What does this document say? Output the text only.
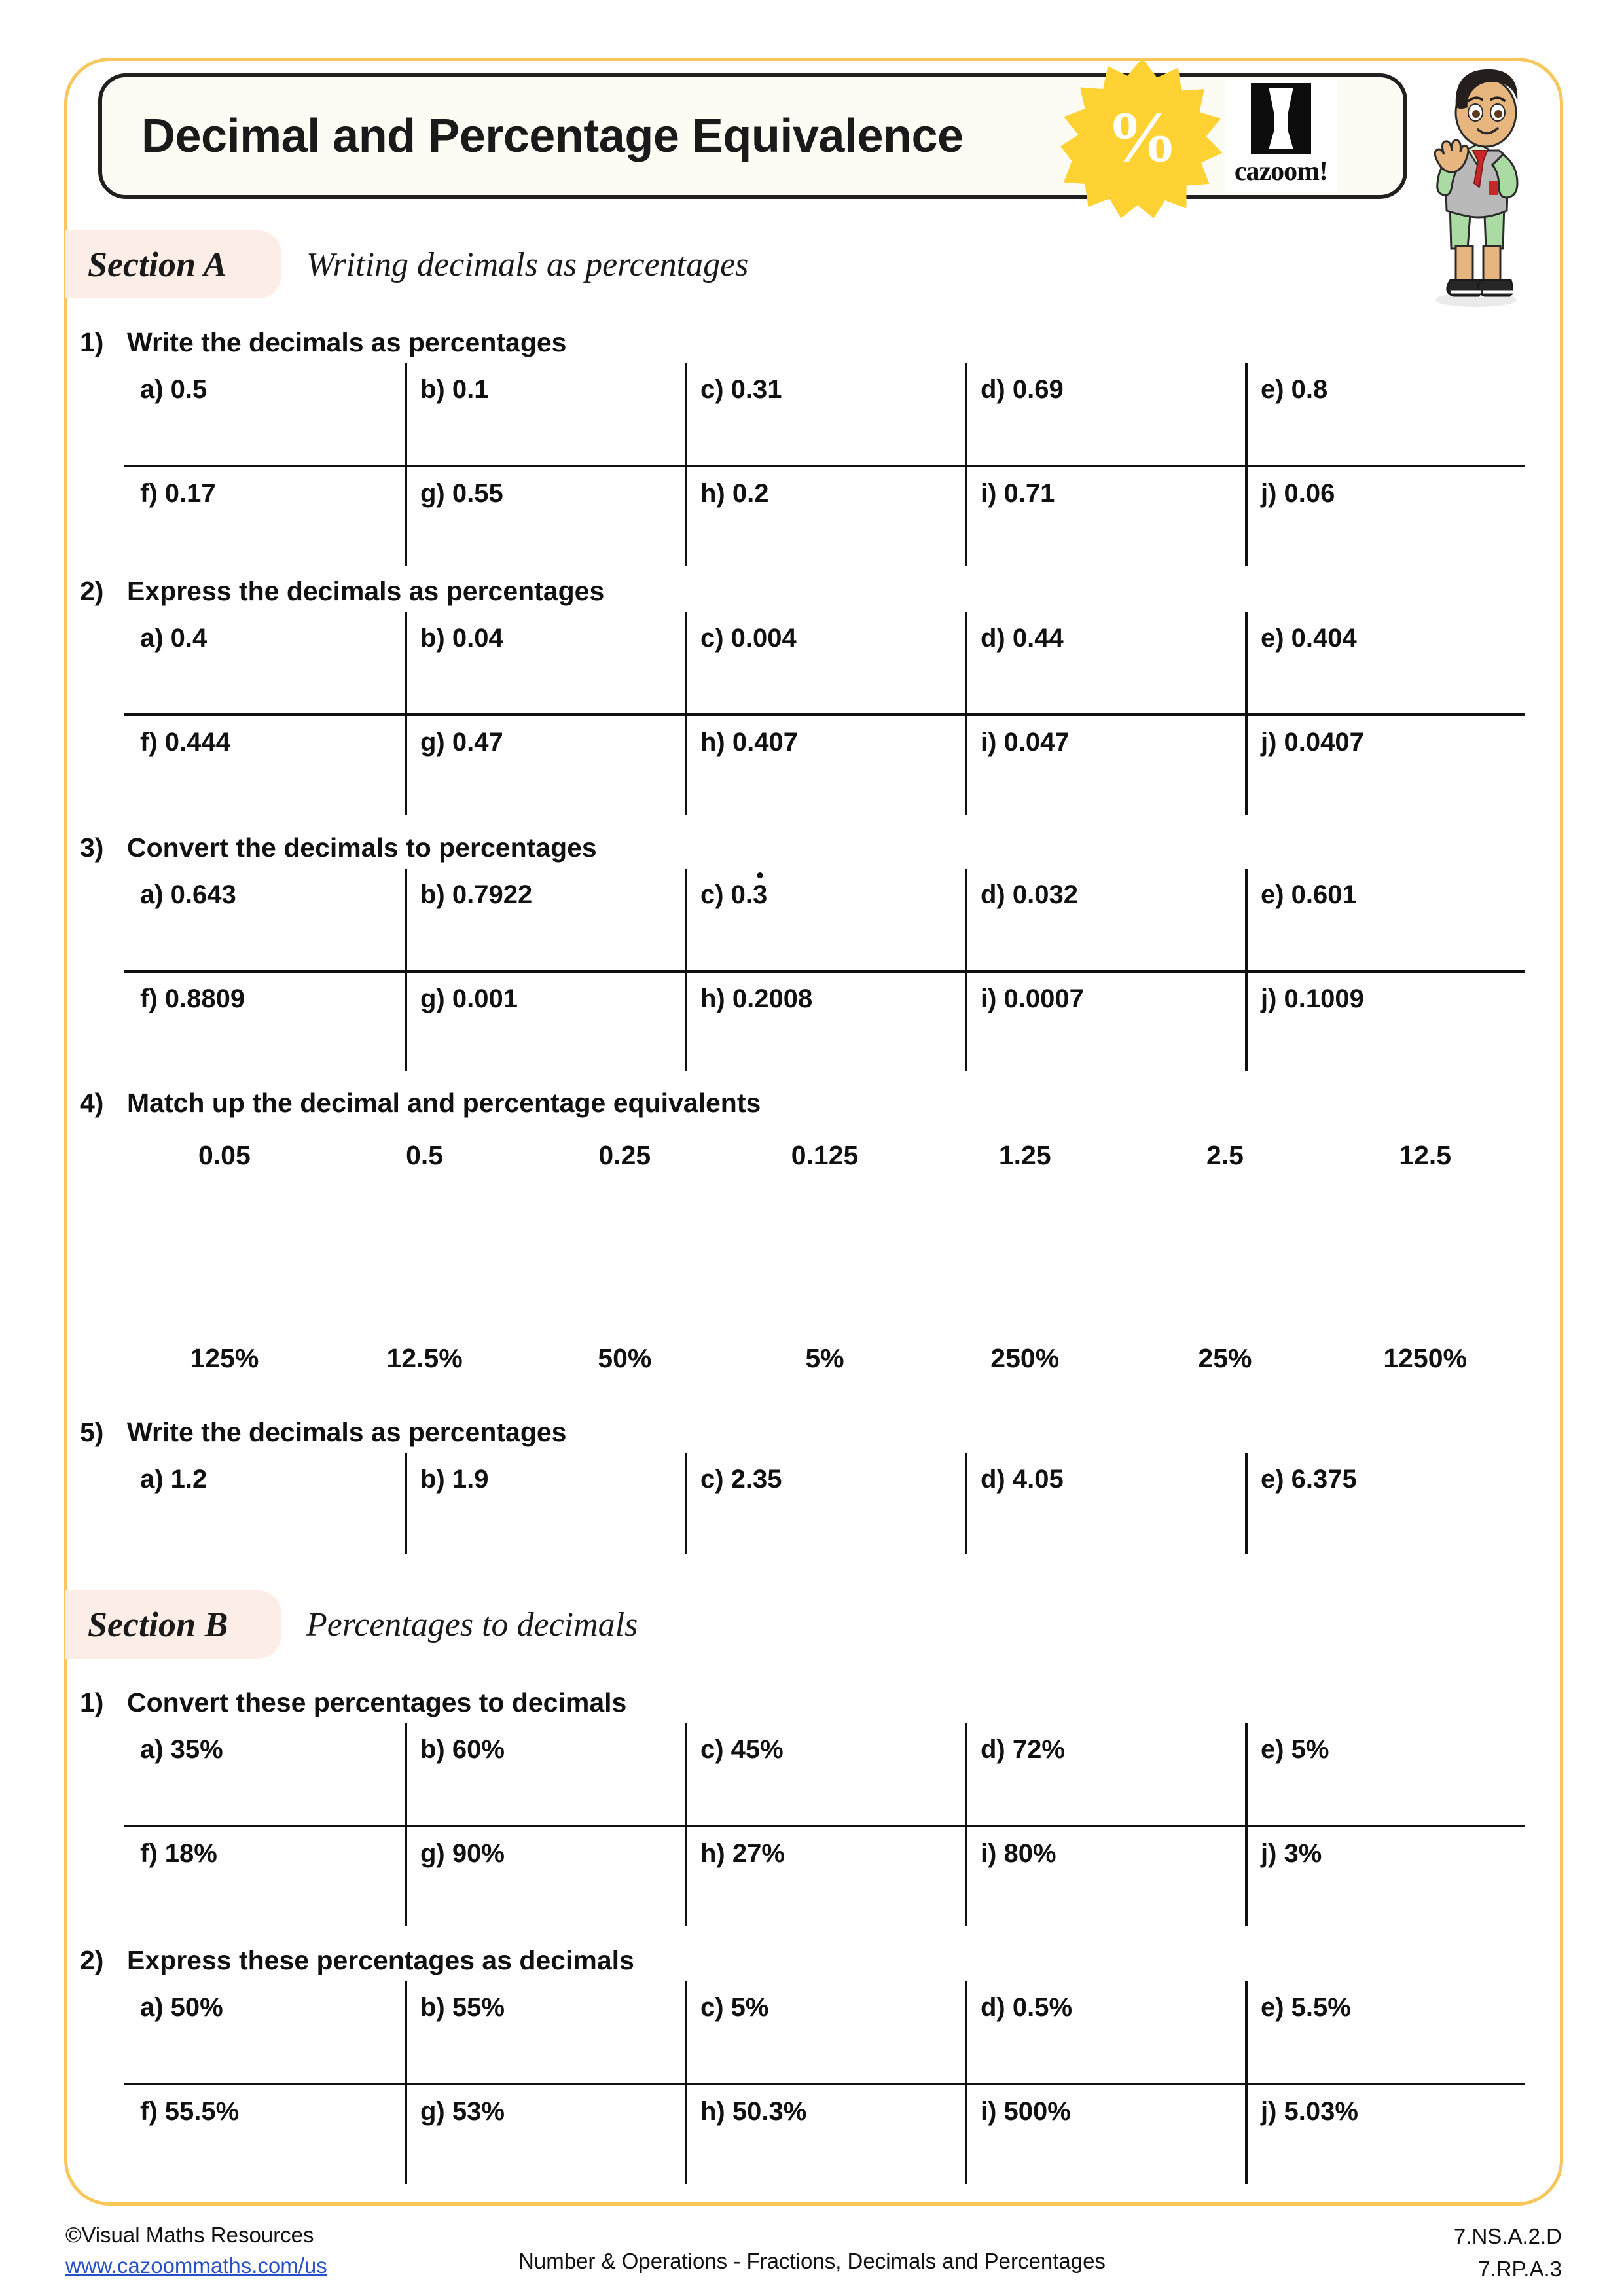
Decimal and Percentage Equivalence	% cazoom!
Section A Writing decimals as percentages
1) Write the decimals as percentages
a) 0.5	b) 0.1	c) 0.31	d) 0.69	e) 0.8
f) 0.17	g) 0.55	h) 0.2	i) 0.71	j) 0.06
2) Express the decimals as percentages
a) 0.4	b) 0.04	c) 0.004	d) 0.44	e) 0.404
f) 0.444	g) 0.47	h) 0.407	i) 0.047	j) 0.0407
3) Convert the decimals to percentages
a) 0.643	b) 0.7922	c) 0.3	d) 0.032	e) 0.601
f) 0.8809	g) 0.001	h) 0.2008	i) 0.0007	j) 0.1009
4) Match up the decimal and percentage equivalents
0.05	0.5	0.25	0.125	1.25	2.5	12.5
125%	12.5%	50%	5%	250%	25%	1250%
5) Write the decimals as percentages
a) 1.2	b) 1.9	c) 2.35	d) 4.05	e) 6.375
Section B Percentages to decimals
1) Convert these percentages to decimals
a) 35%	b) 60%	c) 45%	d) 72%	e) 5%
f) 18%	g) 90%	h) 27%	i) 80%	j) 3%
2) Express these percentages as decimals
a) 50%	b) 55%	c) 5%	d) 0.5%	e) 5.5%
f) 55.5%	g) 53%	h) 50.3%	i) 500%	j) 5.03%
©Visual Maths Resources
www.cazoommaths.com/us	Number & Operations - Fractions, Decimals and Percentages
7.NS.A.2.D
7.RP.A.3
